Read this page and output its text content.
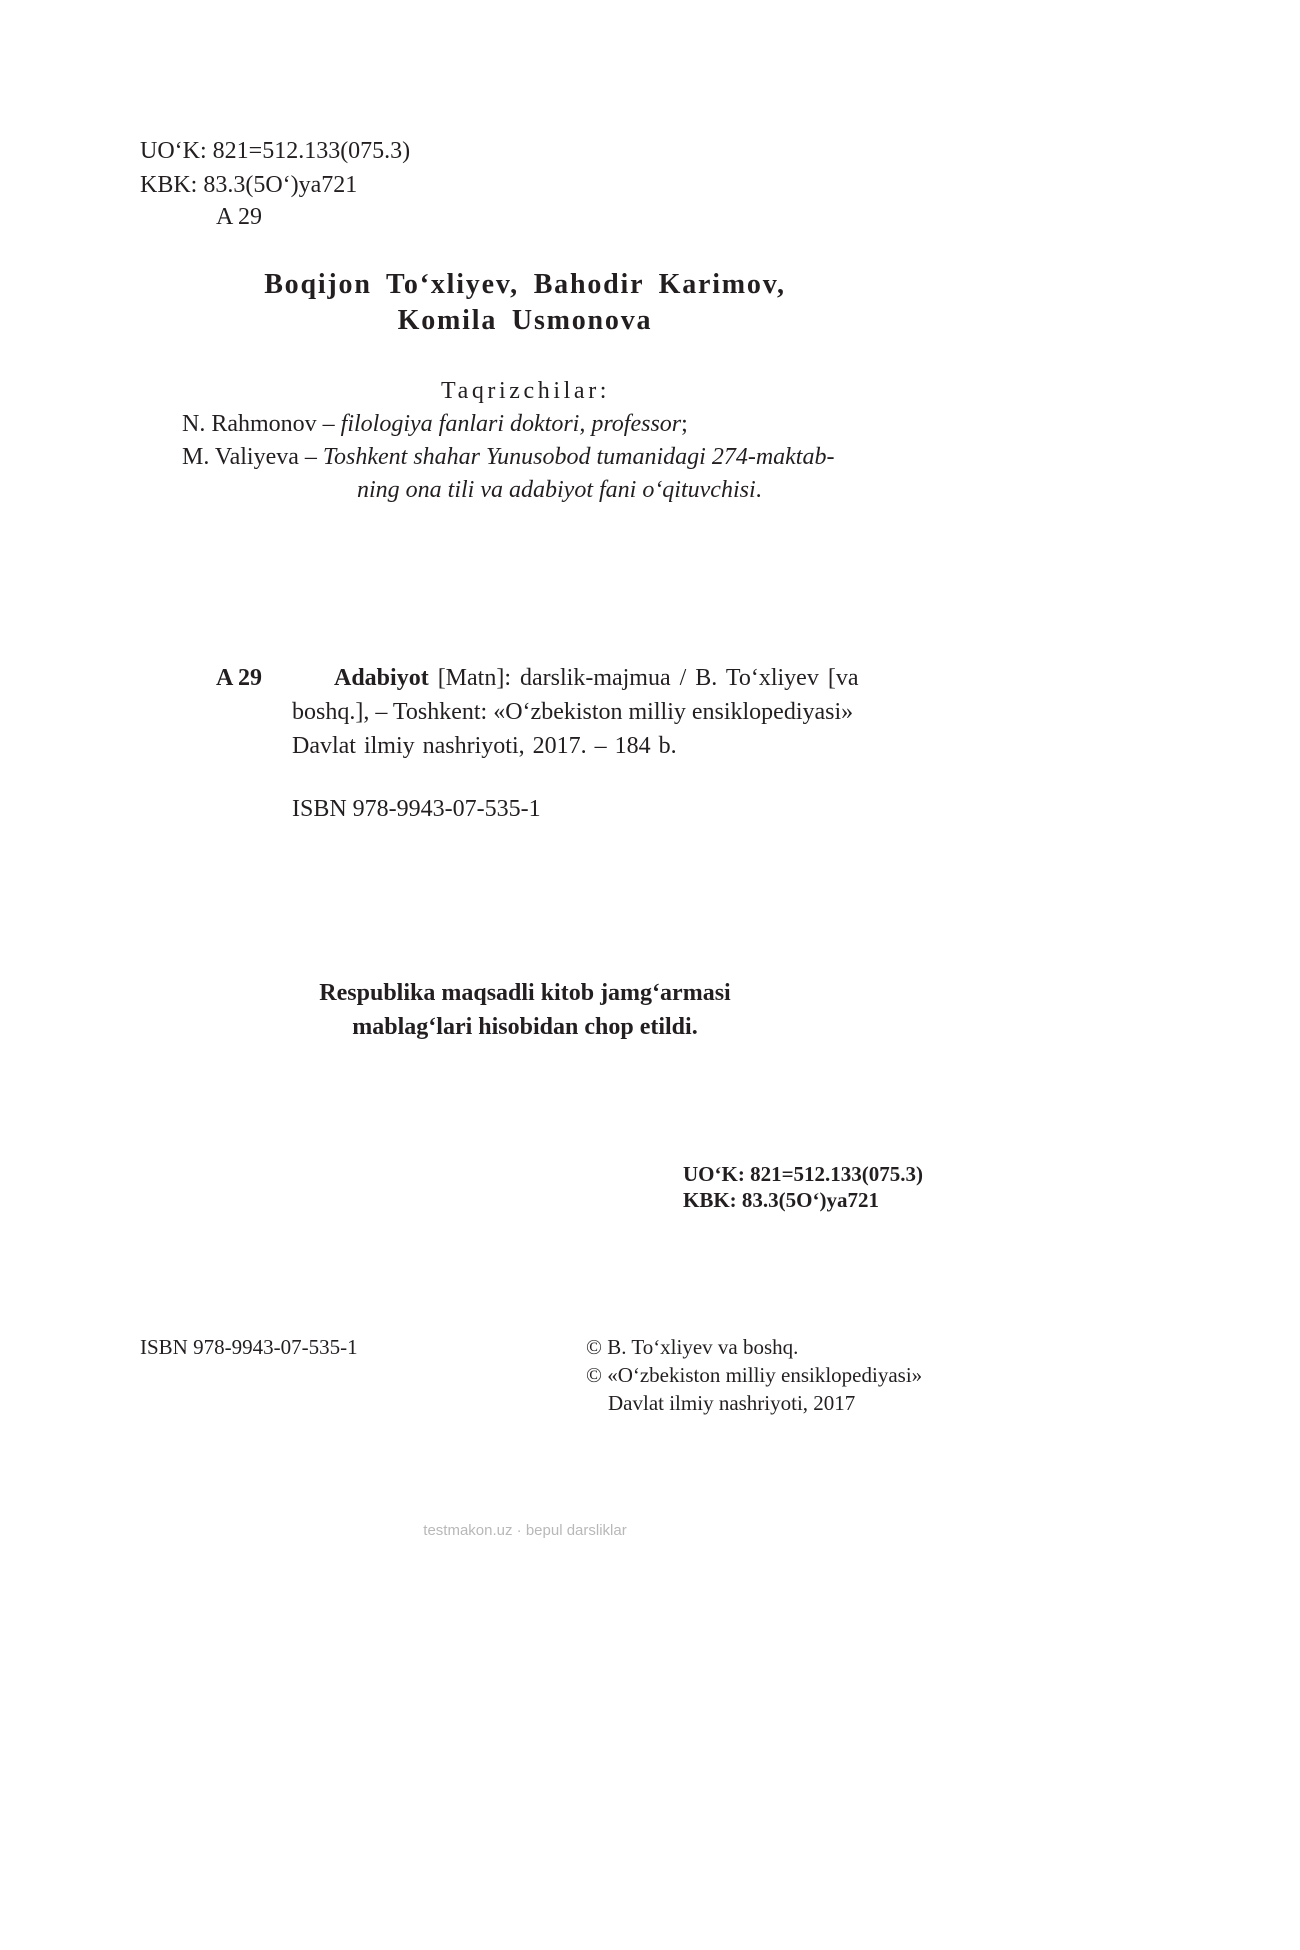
UO‘K: 821=512.133(075.3)
KBK: 83.3(5O‘)ya721
A 29
Boqijon To‘xliyev, Bahodir Karimov,
Komila Usmonova
Taqrizchilar:
N. Rahmonov – filologiya fanlari doktori, professor;
M. Valiyeva – Toshkent shahar Yunusobod tumanidagi 274-maktab-
ning ona tili va adabiyot fani o‘qituvchisi.
A 29	Adabiyot [Matn]: darslik-majmua / B. To‘xliyev [va
boshq.], – Toshkent: «O‘zbekiston milliy ensiklopediyasi»
Davlat ilmiy nashriyoti, 2017. – 184 b.
ISBN 978-9943-07-535-1
Respublika maqsadli kitob jamg‘armasi
mablag‘lari hisobidan chop etildi.
UO‘K: 821=512.133(075.3)
KBK: 83.3(5O‘)ya721
ISBN 978-9943-07-535-1	© B. To‘xliyev va boshq.
© «O‘zbekiston milliy ensiklopediyasi»
Davlat ilmiy nashriyoti, 2017
testmakon.uz · bepul darsliklar
